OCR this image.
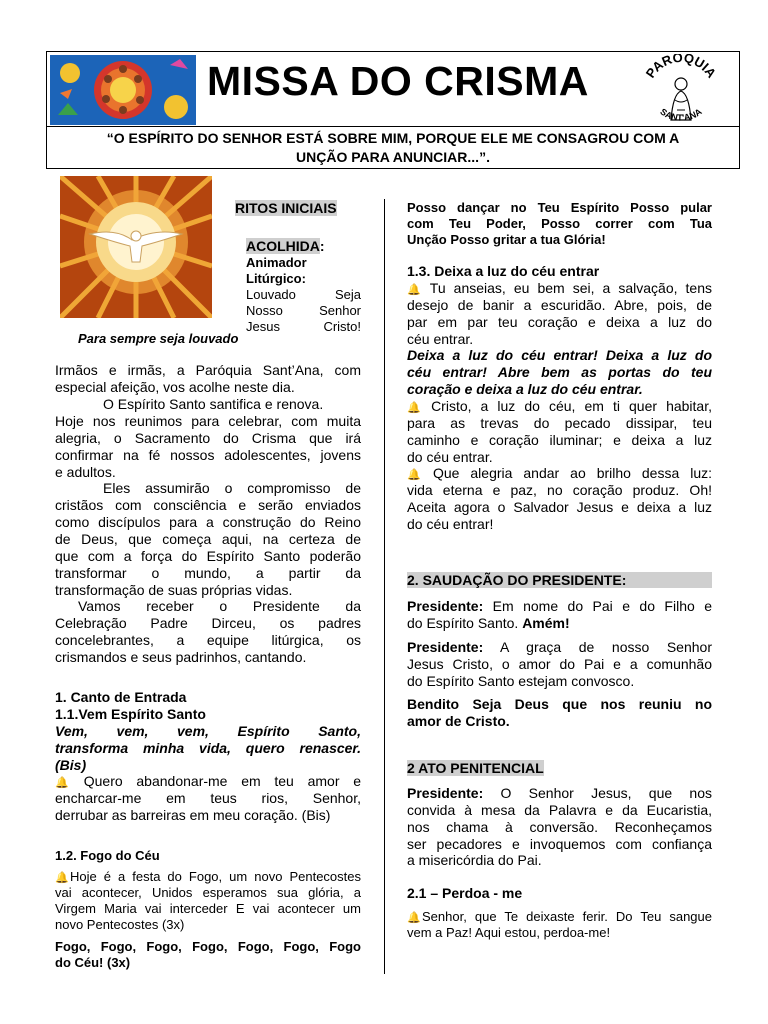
MISSA DO CRISMA	PARÓQUIA
SANT'ANA
“O ESPÍRITO DO SENHOR ESTÁ SOBRE MIM, PORQUE ELE ME CONSAGROU COM A
UNÇÃO PARA ANUNCIAR...”.
RITOS INICIAIS
ACOLHIDA:
Animador
Litúrgico:
Louvado	Seja
Nosso	Senhor
Jesus	Cristo!
Para sempre seja louvado
Irmãos e irmãs, a Paróquia Sant’Ana, com
especial afeição, vos acolhe neste dia.
O Espírito Santo santifica e renova.
Hoje nos reunimos para celebrar, com muita
alegria, o Sacramento do Crisma que irá
confirmar na fé nossos adolescentes, jovens
e adultos.
Eles assumirão o compromisso de
cristãos com consciência e serão enviados
como discípulos para a construção do Reino
de Deus, que começa aqui, na certeza de
que com a força do Espírito Santo poderão
transformar o mundo, a partir da
transformação de suas próprias vidas.
Vamos receber o Presidente da
Celebração Padre Dirceu, os padres
concelebrantes, a equipe litúrgica, os
crismandos e seus padrinhos, cantando.
1. Canto de Entrada
1.1.Vem Espírito Santo
Vem, vem, vem, Espírito Santo,
transforma minha vida, quero renascer.
(Bis)
🔔 Quero abandonar-me em teu amor e
encharcar-me em teus rios, Senhor,
derrubar as barreiras em meu coração. (Bis)
1.2. Fogo do Céu
🔔Hoje é a festa do Fogo, um novo Pentecostes
vai acontecer, Unidos esperamos sua glória, a
Virgem Maria vai interceder E vai acontecer um
novo Pentecostes (3x)
Fogo, Fogo, Fogo, Fogo, Fogo, Fogo, Fogo
do Céu! (3x)
Posso dançar no Teu Espírito Posso pular
com Teu Poder, Posso correr com Tua
Unção Posso gritar a tua Glória!
1.3. Deixa a luz do céu entrar
🔔 Tu anseias, eu bem sei, a salvação, tens
desejo de banir a escuridão. Abre, pois, de
par em par teu coração e deixa a luz do
céu entrar.
Deixa a luz do céu entrar! Deixa a luz do
céu entrar! Abre bem as portas do teu
coração e deixa a luz do céu entrar.
🔔 Cristo, a luz do céu, em ti quer habitar,
para as trevas do pecado dissipar, teu
caminho e coração iluminar; e deixa a luz
do céu entrar.
🔔 Que alegria andar ao brilho dessa luz:
vida eterna e paz, no coração produz. Oh!
Aceita agora o Salvador Jesus e deixa a luz
do céu entrar!
2. SAUDAÇÃO DO PRESIDENTE:
Presidente: Em nome do Pai e do Filho e
do Espírito Santo. Amém!
Presidente: A graça de nosso Senhor
Jesus Cristo, o amor do Pai e a comunhão
do Espírito Santo estejam convosco.
Bendito Seja Deus que nos reuniu no
amor de Cristo.
2 ATO PENITENCIAL
Presidente: O Senhor Jesus, que nos
convida à mesa da Palavra e da Eucaristia,
nos chama à conversão. Reconheçamos
ser pecadores e invoquemos com confiança
a misericórdia do Pai.
2.1 – Perdoa - me
🔔Senhor, que Te deixaste ferir. Do Teu sangue
vem a Paz! Aqui estou, perdoa-me!
